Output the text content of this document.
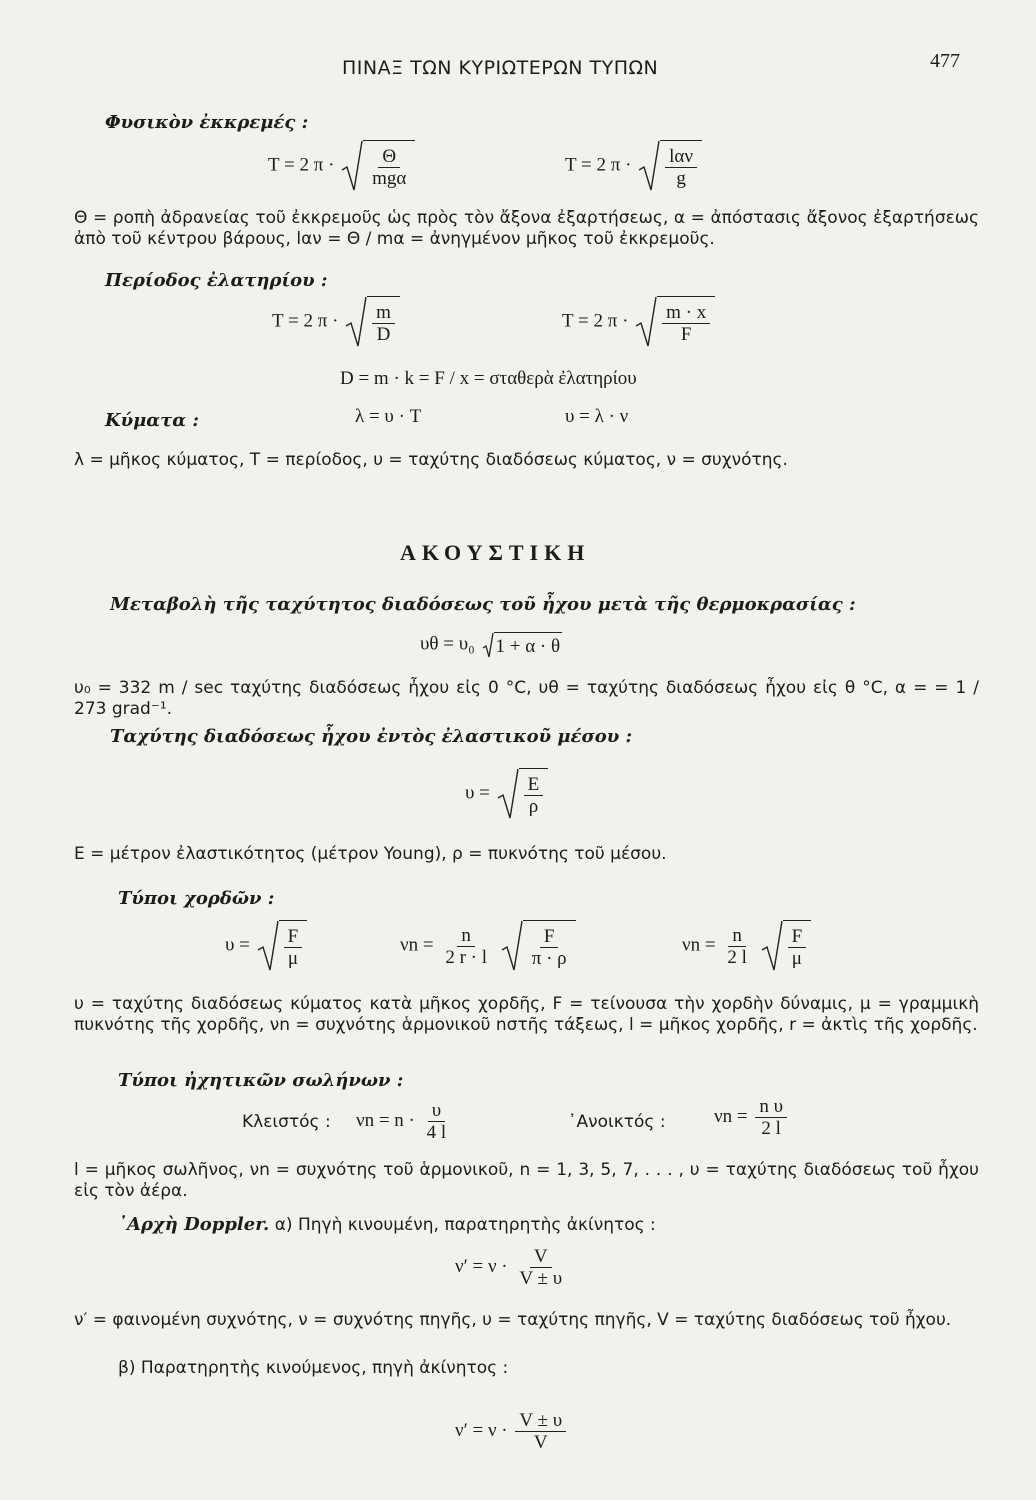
ΠΙΝΑΞ ΤΩΝ ΚΥΡΙΩΤΕΡΩΝ ΤΥΠΩΝ	477
Φυσικὸν ἐκκρεμές :
T = 2 $\pi \cdot \frac{\Theta}{\text{mgα}}$	T = 2 $\pi \cdot \frac{\text{lαν}}{g}$
Θ = ροπὴ ἀδρανείας τοῦ ἐκκρεμοῦς ὡς πρὸς τὸν ἄξονα ἐξαρτήσεως, α = ἀπόστασις ἄξονος ἐξαρτήσεως ἀπὸ τοῦ κέντρου βάρους, lαν = Θ / mα = ἀνηγμένον μῆκος τοῦ ἐκκρεμοῦς.
Περίοδος ἐλατηρίου :
T = 2 $\pi \cdot \frac{m}{D}$	T = 2 $\pi \cdot \frac{m \cdot x}{F}$
D = m · k = F / x = σταθερὰ ἐλατηρίου
Κύματα :	λ = υ · T	υ = λ · ν
λ = μῆκος κύματος, T = περίοδος, υ = ταχύτης διαδόσεως κύματος, ν = συχνότης.
ΑΚΟΥΣΤΙΚΗ
Μεταβολὴ τῆς ταχύτητος διαδόσεως τοῦ ἦχου μετὰ τῆς θερμοκρασίας :
υθ = υ₀ 1 + α · θ
υ₀ = 332 m / sec ταχύτης διαδόσεως ἦχου εἰς 0 °C, υθ = ταχύτης διαδόσεως ἦχου εἰς θ °C, α = = 1 / 273 grad⁻¹.
Ταχύτης διαδόσεως ἦχου ἐντὸς ἐλαστικοῦ μέσου :
$\upsilon = \frac{E}{\rho}$
E = μέτρον ἐλαστικότητος (μέτρον Young), ρ = πυκνότης τοῦ μέσου.
Τύποι χορδῶν :
$\upsilon = \frac{F}{\mu}$	$\nu n = \frac{n}{2 r \cdot l}$
$\frac{F}{\pi \cdot \rho}$	$\nu n = \frac{n}{2 l}$
$\frac{F}{\mu}$
υ = ταχύτης διαδόσεως κύματος κατὰ μῆκος χορδῆς, F = τείνουσα τὴν χορδὴν δύναμις, μ = γραμμικὴ πυκνότης τῆς χορδῆς, νn = συχνότης ἁρμονικοῦ nστῆς τάξεως, l = μῆκος χορδῆς, r = ἀκτὶς τῆς χορδῆς.
Τύποι ἠχητικῶν σωλήνων :
Κλειστός : $\nu n = n \cdot \frac{\upsilon}{4 l}$	᾿Ανοικτός :	$\nu n = \frac{\text{n υ}}{2 l}$
l = μῆκος σωλῆνος, νn = συχνότης τοῦ ἁρμονικοῦ, n = 1, 3, 5, 7, . . . , υ = ταχύτης διαδόσεως τοῦ ἦχου εἰς τὸν ἀέρα.
᾿Αρχὴ Doppler. α) Πηγὴ κινουμένη, παρατηρητὴς ἀκίνητος :
$\nu' = \nu \cdot \frac{V}{V \pm \upsilon}$
ν′ = φαινομένη συχνότης, ν = συχνότης πηγῆς, υ = ταχύτης πηγῆς, V = ταχύτης διαδόσεως τοῦ ἦχου.
β) Παρατηρητὴς κινούμενος, πηγὴ ἀκίνητος :
$\nu' = \nu \cdot \frac{V \pm \upsilon}{V}$
